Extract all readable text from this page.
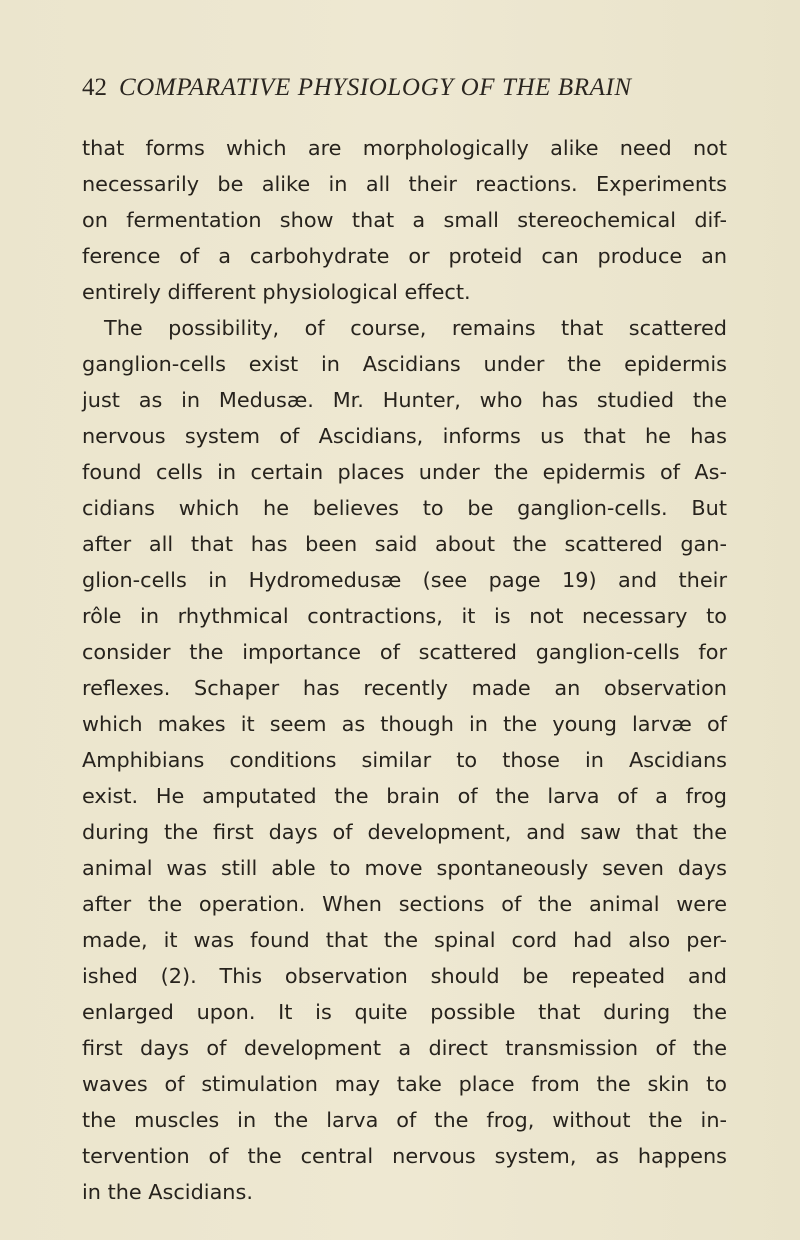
42 COMPARATIVE PHYSIOLOGY OF THE BRAIN
that forms which are morphologically alike need not
necessarily be alike in all their reactions. Experiments
on fermentation show that a small stereochemical dif-
ference of a carbohydrate or proteid can produce an
entirely different physiological effect.
The possibility, of course, remains that scattered
ganglion-cells exist in Ascidians under the epidermis
just as in Medusæ. Mr. Hunter, who has studied the
nervous system of Ascidians, informs us that he has
found cells in certain places under the epidermis of As-
cidians which he believes to be ganglion-cells. But
after all that has been said about the scattered gan-
glion-cells in Hydromedusæ (see page 19) and their
rôle in rhythmical contractions, it is not necessary to
consider the importance of scattered ganglion-cells for
reflexes. Schaper has recently made an observation
which makes it seem as though in the young larvæ of
Amphibians conditions similar to those in Ascidians
exist. He amputated the brain of the larva of a frog
during the first days of development, and saw that the
animal was still able to move spontaneously seven days
after the operation. When sections of the animal were
made, it was found that the spinal cord had also per-
ished (2). This observation should be repeated and
enlarged upon. It is quite possible that during the
first days of development a direct transmission of the
waves of stimulation may take place from the skin to
the muscles in the larva of the frog, without the in-
tervention of the central nervous system, as happens
in the Ascidians.
